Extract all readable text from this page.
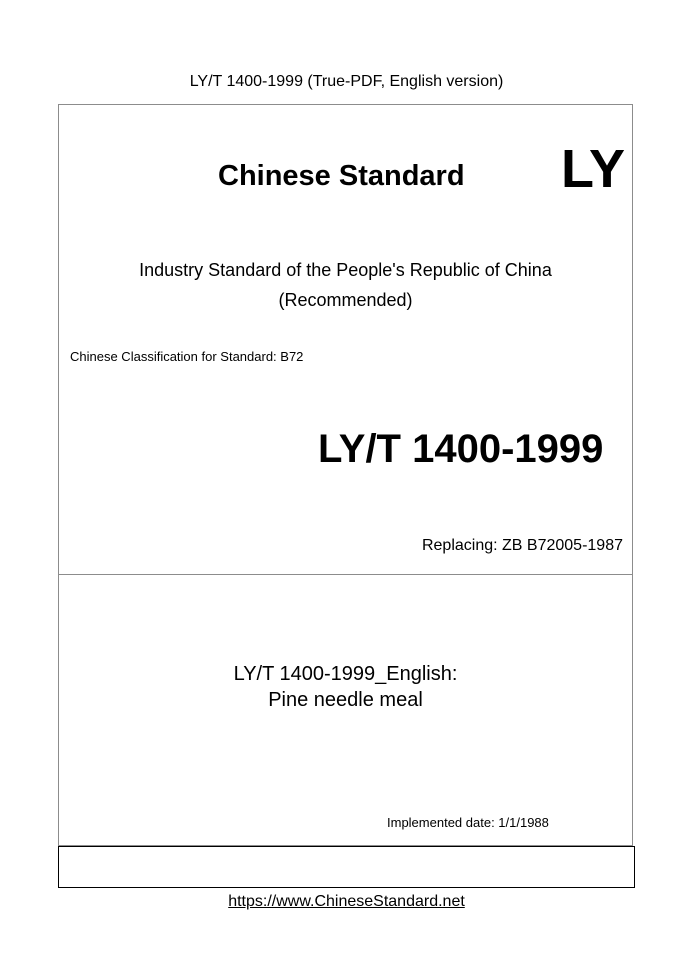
LY/T 1400-1999 (True-PDF, English version)
Chinese Standard LY
Industry Standard of the People's Republic of China
(Recommended)
Chinese Classification for Standard: B72
LY/T 1400-1999
Replacing: ZB B72005-1987
LY/T 1400-1999_English:
Pine needle meal
Implemented date: 1/1/1988
https://www.ChineseStandard.net
